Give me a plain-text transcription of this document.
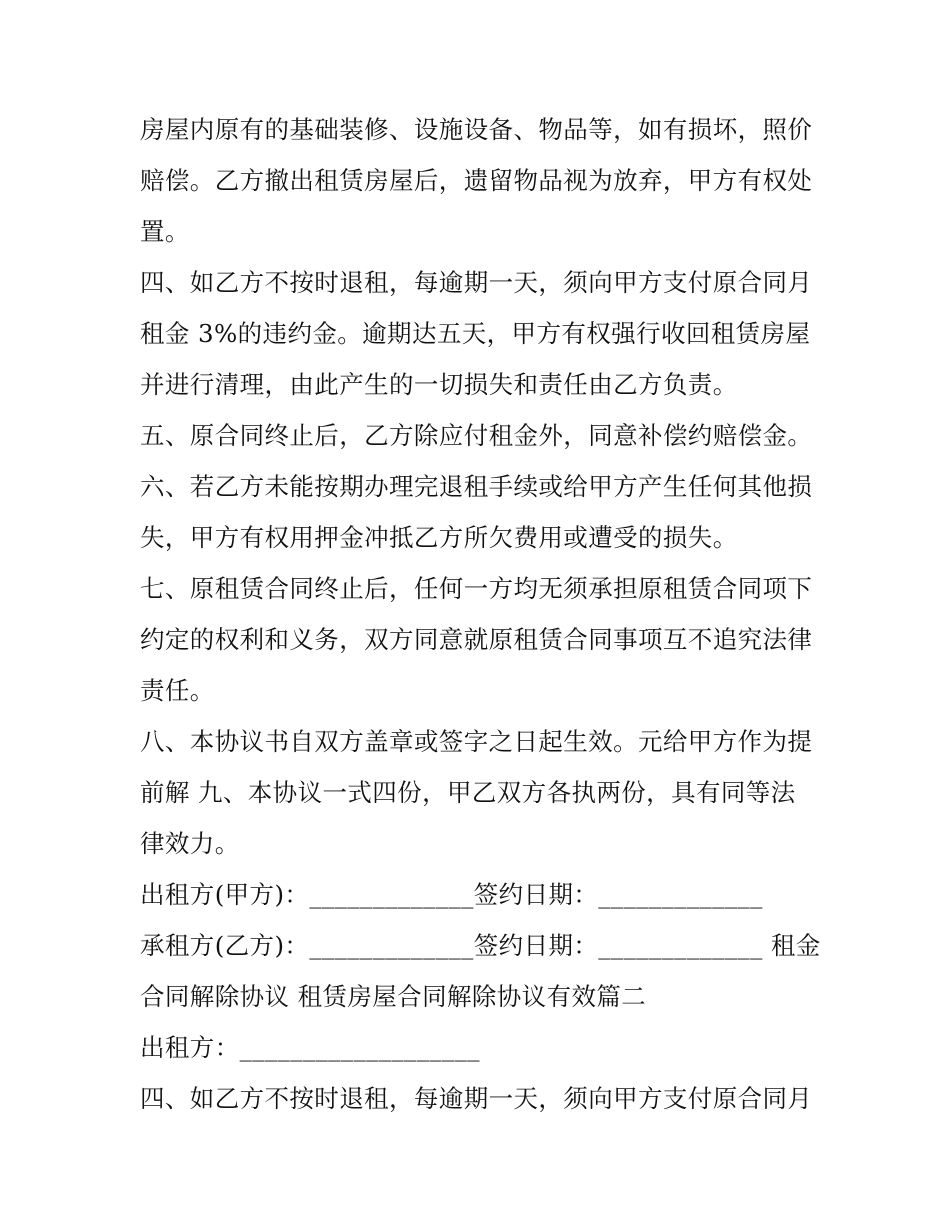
房屋内原有的基础装修、设施设备、物品等，如有损坏，照价
赔偿。乙方撤出租赁房屋后，遗留物品视为放弃，甲方有权处
置。
四、如乙方不按时退租，每逾期一天，须向甲方支付原合同月
租金 3%的违约金。逾期达五天，甲方有权强行收回租赁房屋
并进行清理，由此产生的一切损失和责任由乙方负责。
五、原合同终止后，乙方除应付租金外，同意补偿约赔偿金。
六、若乙方未能按期办理完退租手续或给甲方产生任何其他损
失，甲方有权用押金冲抵乙方所欠费用或遭受的损失。
七、原租赁合同终止后，任何一方均无须承担原租赁合同项下
约定的权利和义务，双方同意就原租赁合同事项互不追究法律
责任。
八、本协议书自双方盖章或签字之日起生效。元给甲方作为提
前解 九、本协议一式四份，甲乙双方各执两份，具有同等法
律效力。
出租方(甲方)：_____________签约日期：_____________
承租方(乙方)：_____________签约日期：_____________ 租金
合同解除协议 租赁房屋合同解除协议有效篇二
出租方：___________________
四、如乙方不按时退租，每逾期一天，须向甲方支付原合同月
